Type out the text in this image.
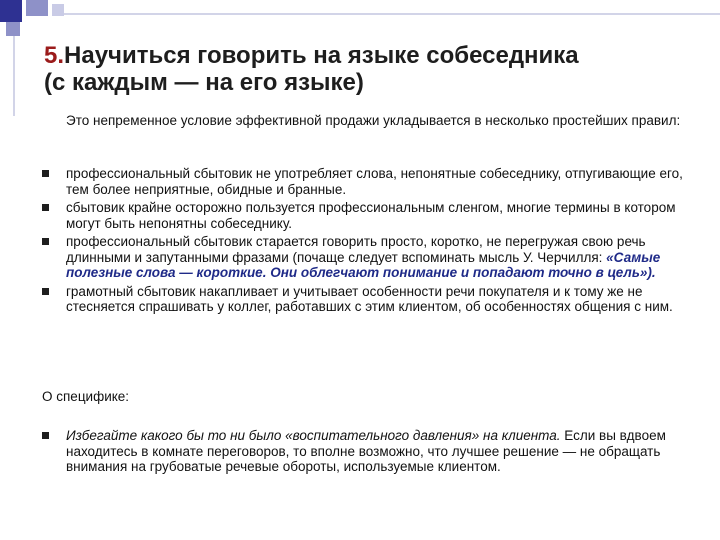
5.Научиться говорить на языке собеседника
(с каждым — на его языке)
Это непременное условие эффективной продажи укладывается в несколько простейших правил:
профессиональный сбытовик не употребляет слова, непонятные собеседнику, отпугивающие его, тем более неприятные, обидные и бранные.
сбытовик крайне осторожно пользуется профессиональным сленгом, многие термины в котором могут быть непонятны собеседнику.
профессиональный сбытовик старается говорить просто, коротко, не перегружая свою речь длинными и запутанными фразами (почаще следует вспоминать мысль У. Черчилля: «Самые полезные слова — короткие. Они облегчают понимание и попадают точно в цель»).
грамотный сбытовик накапливает и учитывает особенности речи покупателя и к тому же не стесняется спрашивать у коллег, работавших с этим клиентом, об особенностях общения с ним.
О специфике:
Избегайте какого бы то ни было «воспитательного давления» на клиента. Если вы вдвоем находитесь в комнате переговоров, то вполне возможно, что лучшее решение — не обращать внимания на грубоватые речевые обороты, используемые клиентом.
